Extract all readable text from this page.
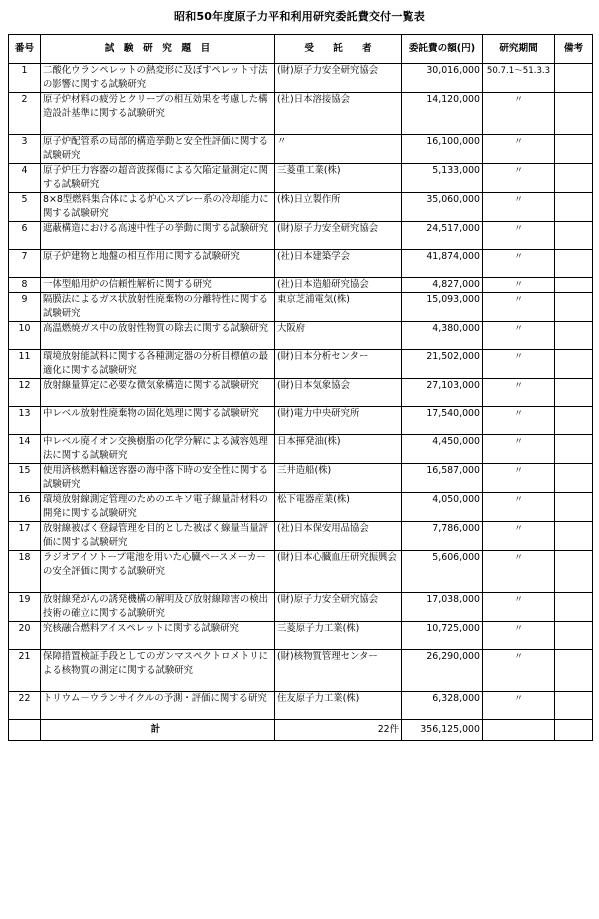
昭和50年度原子力平和利用研究委託費交付一覧表
番号	試　験　研　究　題　目	受　　託　　者	委託費の額(円)	研究期間	備考
1	二酸化ウランペレットの熱変形に及ぼすペレット寸法の影響に関する試験研究	(財)原子力安全研究協会	30,016,000	50.7.1～51.3.3	
2	原子炉材料の疲労とクリープの相互効果を考慮した構造設計基準に関する試験研究	(社)日本溶接協会	14,120,000	〃	
3	原子炉配管系の局部的構造挙動と安全性評価に関する試験研究	〃	16,100,000	〃	
4	原子炉圧力容器の超音波探傷による欠陥定量測定に関する試験研究	三菱重工業(株)	5,133,000	〃	
5	8×8型燃料集合体による炉心スプレー系の冷却能力に関する試験研究	(株)日立製作所	35,060,000	〃	
6	遮蔽構造における高速中性子の挙動に関する試験研究	(財)原子力安全研究協会	24,517,000	〃	
7	原子炉建物と地盤の相互作用に関する試験研究	(社)日本建築学会	41,874,000	〃	
8	一体型船用炉の信頼性解析に関する研究	(社)日本造船研究協会	4,827,000	〃	
9	隔膜法によるガス状放射性廃棄物の分離特性に関する試験研究	東京芝浦電気(株)	15,093,000	〃	
10	高温燃焼ガス中の放射性物質の除去に関する試験研究	大阪府	4,380,000	〃	
11	環境放射能試料に関する各種測定器の分析目標値の最適化に関する試験研究	(財)日本分析センター	21,502,000	〃	
12	放射線量算定に必要な微気象構造に関する試験研究	(財)日本気象協会	27,103,000	〃	
13	中レベル放射性廃棄物の固化処理に関する試験研究	(財)電力中央研究所	17,540,000	〃	
14	中レベル廃イオン交換樹脂の化学分解による減容処理法に関する試験研究	日本揮発油(株)	4,450,000	〃	
15	使用済核燃料輸送容器の海中落下時の安全性に関する試験研究	三井造船(株)	16,587,000	〃	
16	環境放射線測定管理のためのエキソ電子線量計材料の開発に関する試験研究	松下電器産業(株)	4,050,000	〃	
17	放射線被ばく登録管理を目的とした被ばく線量当量評価に関する試験研究	(社)日本保安用品協会	7,786,000	〃	
18	ラジオアイソトープ電池を用いた心臓ペースメーカーの安全評価に関する試験研究	(財)日本心臓血圧研究振興会	5,606,000	〃	
19	放射線発がんの誘発機構の解明及び放射線障害の検出技術の確立に関する試験研究	(財)原子力安全研究協会	17,038,000	〃	
20	究核融合燃料アイスペレットに関する試験研究	三菱原子力工業(株)	10,725,000	〃	
21	保障措置検証手段としてのガンマスペクトロメトリによる核物質の測定に関する試験研究	(財)核物質管理センター	26,290,000	〃	
22	トリウム－ウランサイクルの予測・評価に関する研究	住友原子力工業(株)	6,328,000	〃	
	計	22件	356,125,000		
